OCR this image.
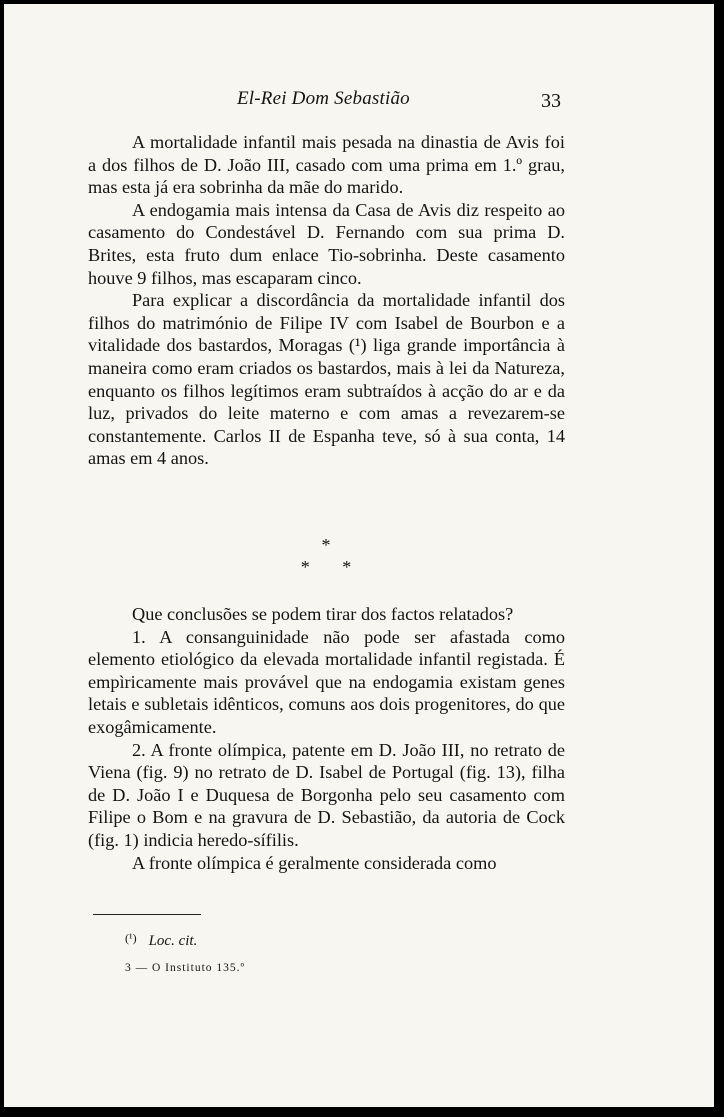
El-Rei Dom Sebastião	33

A mortalidade infantil mais pesada na dinastia de Avis foi a dos filhos de D. João III, casado com uma prima em 1.º grau, mas esta já era sobrinha da mãe do marido.

A endogamia mais intensa da Casa de Avis diz respeito ao casamento do Condestável D. Fernando com sua prima D. Brites, esta fruto dum enlace Tio-sobrinha. Deste casamento houve 9 filhos, mas escaparam cinco.

Para explicar a discordância da mortalidade infantil dos filhos do matrimónio de Filipe IV com Isabel de Bourbon e a vitalidade dos bastardos, Moragas (¹) liga grande importância à maneira como eram criados os bastardos, mais à lei da Natureza, enquanto os filhos legítimos eram subtraídos à acção do ar e da luz, privados do leite materno e com amas a revezarem-se constantemente. Carlos II de Espanha teve, só à sua conta, 14 amas em 4 anos.

*
* *

Que conclusões se podem tirar dos factos relatados?

1. A consanguinidade não pode ser afastada como elemento etiológico da elevada mortalidade infantil registada. É empìricamente mais provável que na endogamia existam genes letais e subletais idênticos, comuns aos dois progenitores, do que exogâmicamente.

2. A fronte olímpica, patente em D. João III, no retrato de Viena (fig. 9) no retrato de D. Isabel de Portugal (fig. 13), filha de D. João I e Duquesa de Borgonha pelo seu casamento com Filipe o Bom e na gravura de D. Sebastião, da autoria de Cock (fig. 1) indicia heredo-sífilis.

A fronte olímpica é geralmente considerada como

$^{(^1)}$ Loc. cit.
3 — O Instituto 135.º
